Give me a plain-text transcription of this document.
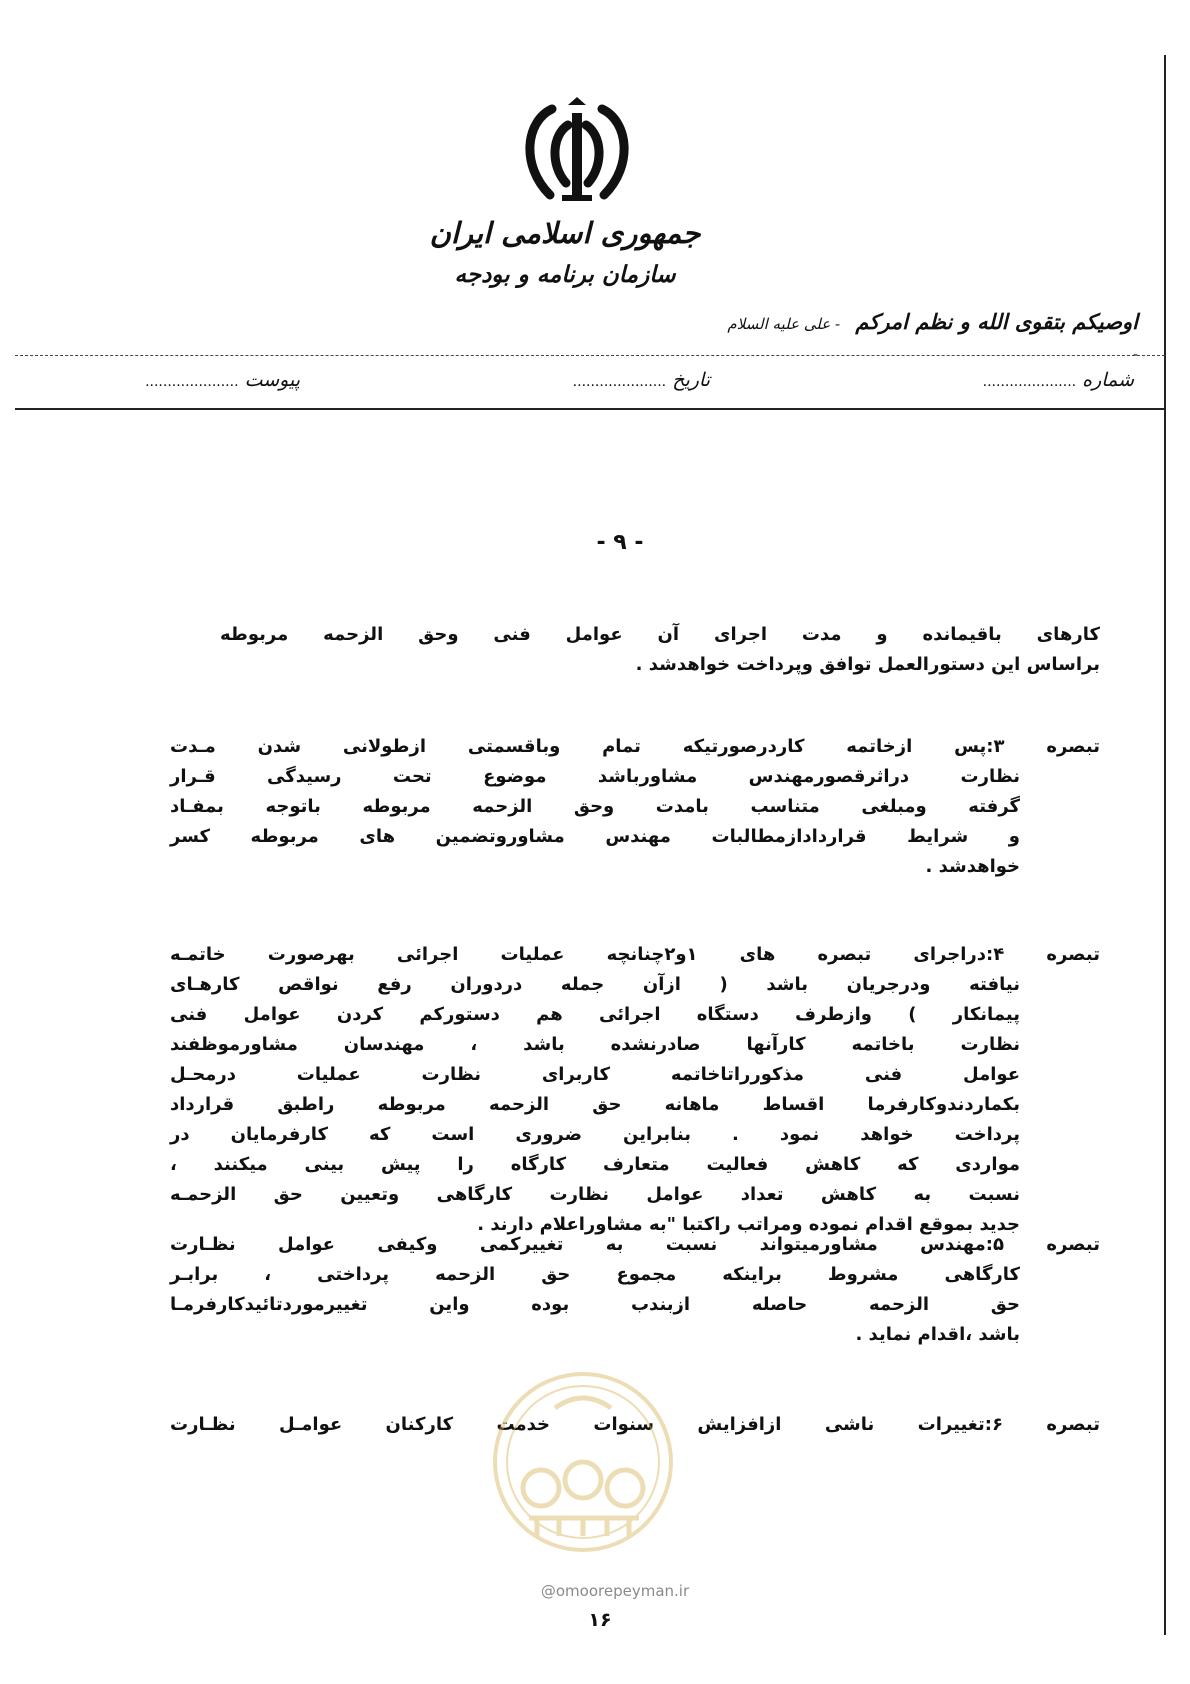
جمهوری اسلامی ایران
سازمان برنامه و بودجه
اوصیکم بتقوی الله و نظم امرکم - علی علیه السلام -
شماره .....................
تاریخ .....................
پیوست .....................
- ۹ -
کارهای باقیمانده و مدت اجرای آن عوامل فنی وحق الزحمه مربوطه
براساس این دستورالعمل توافق وپرداخت خواهدشد .
تبصره ۳:پس ازخاتمه کاردرصورتیکه تمام وباقسمتی ازطولانی شدن مـدت
نظارت دراثرقصورمهندس مشاورباشد موضوع تحت رسیدگی قـرار
گرفته ومبلغی متناسب بامدت وحق الزحمه مربوطه باتوجه بمفـاد
و شرایط قراردادازمطالبات مهندس مشاوروتضمین های مربوطه کسر
خواهدشد .
تبصره ۴:دراجرای تبصره های ۱و۲چنانچه عملیات اجرائی بهرصورت خاتمـه
نیافته ودرجریان باشد ( ازآن جمله دردوران رفع نواقص کارهـای
پیمانکار ) وازطرف دستگاه اجرائی هم دستورکم کردن عوامل فنی
نظارت باخاتمه کارآنها صادرنشده باشد ، مهندسان مشاورموظفند
عوامل فنی مذکورراتاخاتمه کاربرای نظارت عملیات درمحـل
بکماردندوکارفرما اقساط ماهانه حق الزحمه مربوطه راطبق قرارداد
پرداخت خواهد نمود . بنابراین ضروری است که کارفرمایان در
مواردی که کاهش فعالیت متعارف کارگاه را پیش بینی میکنند ،
نسبت به کاهش تعداد عوامل نظارت کارگاهی وتعیین حق الزحمـه
جدید بموقع اقدام نموده ومراتب راکتبا "به مشاوراعلام دارند .
تبصره ۵:مهندس مشاورمیتواند نسبت به تغییرکمی وکیفی عوامل نظـارت
کارگاهی مشروط براینکه مجموع حق الزحمه پرداختی ، برابـر
حق الزحمه حاصله ازبندب بوده واین تغییرموردتائیدکارفرمـا
باشد ،اقدام نماید .
تبصره ۶:تغییرات ناشی ازافزایش سنوات خدمت کارکنان عوامـل نظـارت
@omoorepeyman.ir
۱۶
